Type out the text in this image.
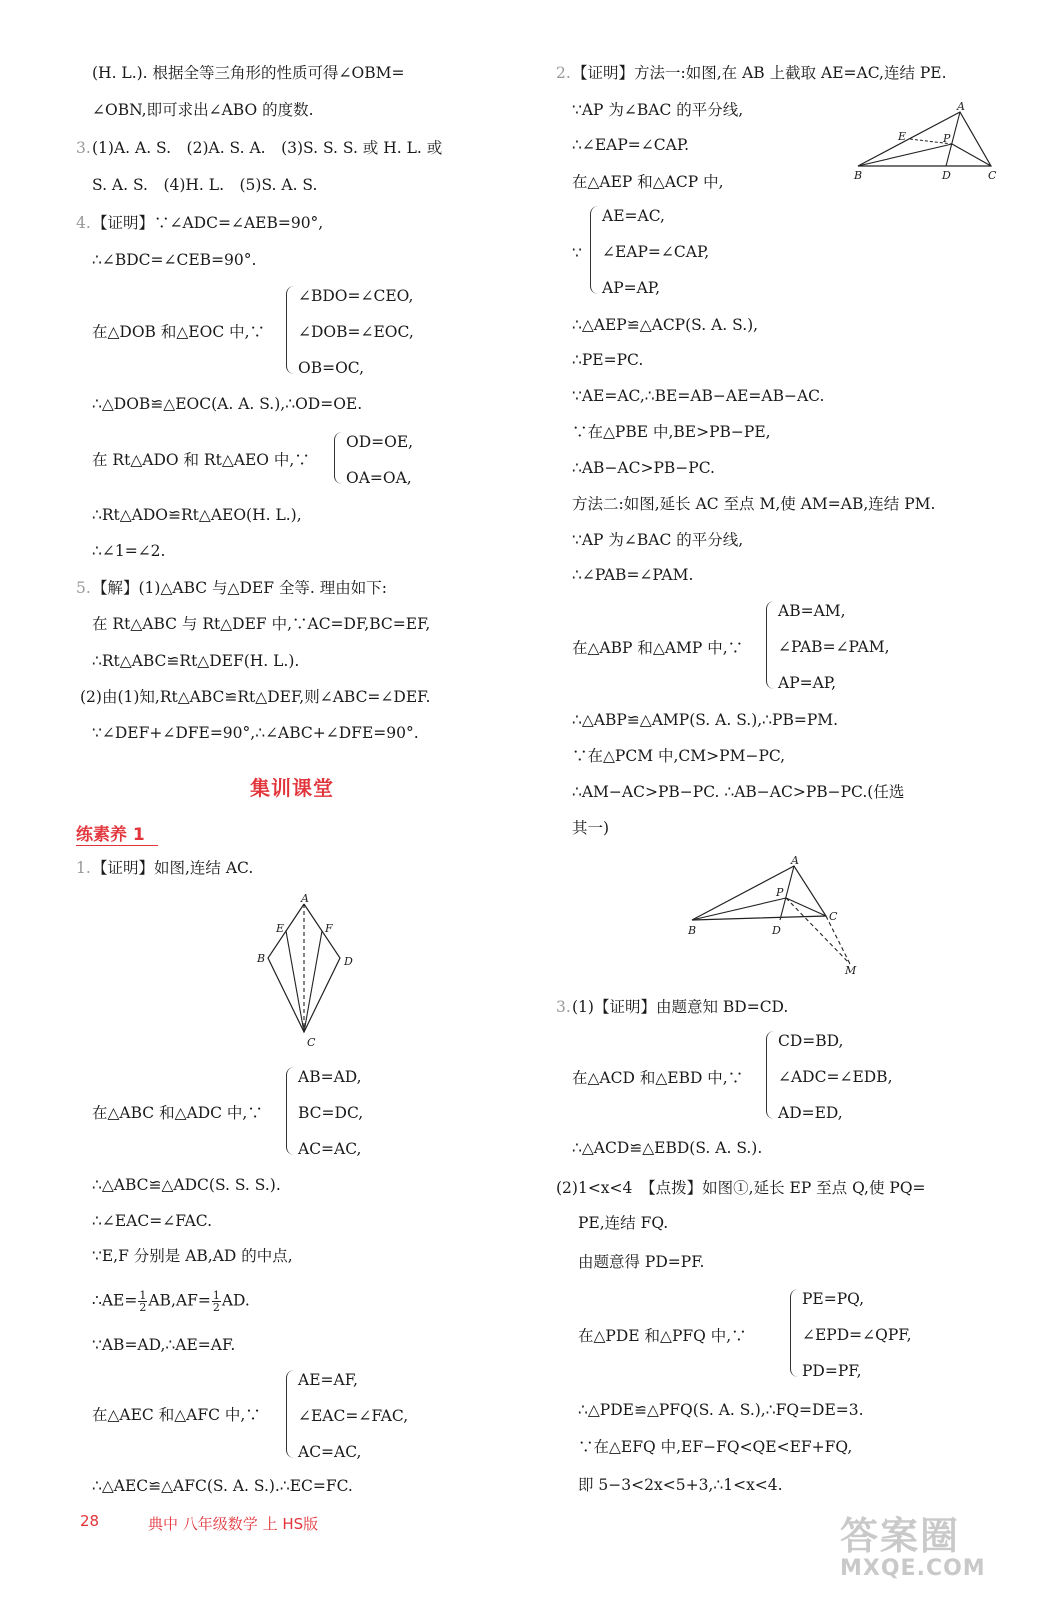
(H. L.). 根据全等三角形的性质可得∠OBM=
∠OBN,即可求出∠ABO 的度数.
3. (1)A. A. S.　(2)A. S. A.　(3)S. S. S. 或 H. L. 或
S. A. S.　(4)H. L.　(5)S. A. S.
4. 【证明】∵∠ADC=∠AEB=90°,
∴∠BDC=∠CEB=90°.
在△DOB 和△EOC 中,∵
∠BDO=∠CEO,
∠DOB=∠EOC,
OB=OC,
∴△DOB≌△EOC(A. A. S.),∴OD=OE.
在 Rt△ADO 和 Rt△AEO 中,∵
OD=OE,
OA=OA,
∴Rt△ADO≌Rt△AEO(H. L.),
∴∠1=∠2.
5. 【解】(1)△ABC 与△DEF 全等. 理由如下:
在 Rt△ABC 与 Rt△DEF 中,∵AC=DF,BC=EF,
∴Rt△ABC≌Rt△DEF(H. L.).
(2)由(1)知,Rt△ABC≌Rt△DEF,则∠ABC=∠DEF.
∵∠DEF+∠DFE=90°,∴∠ABC+∠DFE=90°.
集训课堂
练素养 1
1. 【证明】如图,连结 AC.
A
E	F
B	D
C
在△ABC 和△ADC 中,∵
AB=AD,
BC=DC,
AC=AC,
∴△ABC≌△ADC(S. S. S.).
∴∠EAC=∠FAC.
∵E,F 分别是 AB,AD 的中点,
∴AE= $\frac{1}{2} AB,AF= \frac{1}{2}$ AD.
∵AB=AD,∴AE=AF.
在△AEC 和△AFC 中,∵
AE=AF,
∠EAC=∠FAC,
AC=AC,
∴△AEC≌△AFC(S. A. S.).∴EC=FC.
2. 【证明】方法一:如图,在 AB 上截取 AE=AC,连结 PE.
A
E	P
B	D	C
∵AP 为∠BAC 的平分线,
∴∠EAP=∠CAP.
在△AEP 和△ACP 中,
∵
AE=AC,
∠EAP=∠CAP,
AP=AP,
∴△AEP≌△ACP(S. A. S.),
∴PE=PC.
∵AE=AC,∴BE=AB−AE=AB−AC.
∵在△PBE 中,BE>PB−PE,
∴AB−AC>PB−PC.
方法二:如图,延长 AC 至点 M,使 AM=AB,连结 PM.
∵AP 为∠BAC 的平分线,
∴∠PAB=∠PAM.
在△ABP 和△AMP 中,∵
AB=AM,
∠PAB=∠PAM,
AP=AP,
∴△ABP≌△AMP(S. A. S.),∴PB=PM.
∵在△PCM 中,CM>PM−PC,
∴AM−AC>PB−PC. ∴AB−AC>PB−PC.(任选
其一)
A
P
B	D
C
M
3. (1)【证明】由题意知 BD=CD.
在△ACD 和△EBD 中,∵
CD=BD,
∠ADC=∠EDB,
AD=ED,
∴△ACD≌△EBD(S. A. S.).
(2)1<x<4　【点拨】如图①,延长 EP 至点 Q,使 PQ=
PE,连结 FQ.
由题意得 PD=PF.
在△PDE 和△PFQ 中,∵
PE=PQ,
∠EPD=∠QPF,
PD=PF,
∴△PDE≌△PFQ(S. A. S.),∴FQ=DE=3.
∵在△EFQ 中,EF−FQ<QE<EF+FQ,
即 5−3<2x<5+3,∴1<x<4.
28	典中 八年级数学 上 HS版	答案圈
MXQE.COM
